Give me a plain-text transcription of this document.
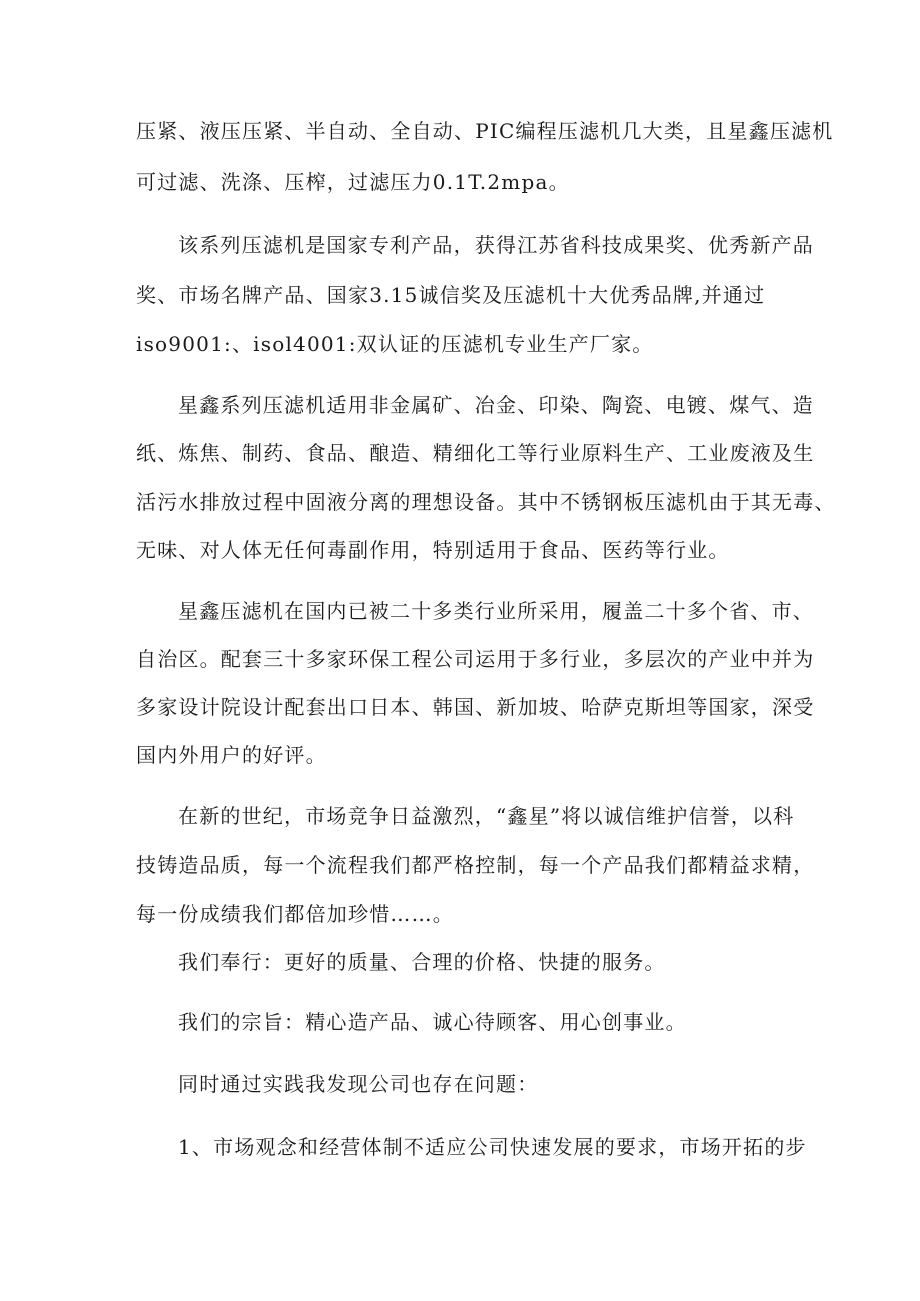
压紧、液压压紧、半自动、全自动、PIC编程压滤机几大类，且星鑫压滤机
可过滤、洗涤、压榨，过滤压力0.1T.2mpa。
该系列压滤机是国家专利产品，获得江苏省科技成果奖、优秀新产品
奖、市场名牌产品、国家3.15诚信奖及压滤机十大优秀品牌,并通过
iso9001:、isol4001:双认证的压滤机专业生产厂家。
星鑫系列压滤机适用非金属矿、冶金、印染、陶瓷、电镀、煤气、造
纸、炼焦、制药、食品、酿造、精细化工等行业原料生产、工业废液及生
活污水排放过程中固液分离的理想设备。其中不锈钢板压滤机由于其无毒、
无味、对人体无任何毒副作用，特别适用于食品、医药等行业。
星鑫压滤机在国内已被二十多类行业所采用，履盖二十多个省、市、
自治区。配套三十多家环保工程公司运用于多行业，多层次的产业中并为
多家设计院设计配套出口日本、韩国、新加坡、哈萨克斯坦等国家，深受
国内外用户的好评。
在新的世纪，市场竞争日益激烈，“鑫星”将以诚信维护信誉，以科
技铸造品质，每一个流程我们都严格控制，每一个产品我们都精益求精，
每一份成绩我们都倍加珍惜……。
我们奉行：更好的质量、合理的价格、快捷的服务。
我们的宗旨：精心造产品、诚心待顾客、用心创事业。
同时通过实践我发现公司也存在问题：
1、市场观念和经营体制不适应公司快速发展的要求，市场开拓的步
